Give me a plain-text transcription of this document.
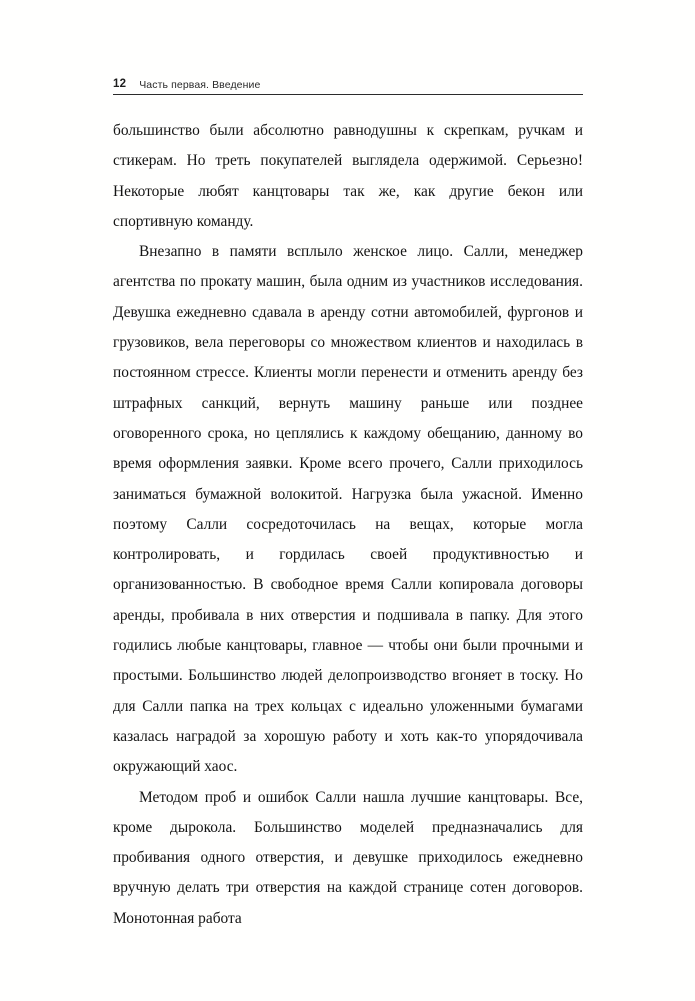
12 Часть первая. Введение

большинство были абсолютно равнодушны к скрепкам, ручкам и стикерам. Но треть покупателей выглядела одержимой. Серьезно! Некоторые любят канцтовары так же, как другие бекон или спортивную команду.

Внезапно в памяти всплыло женское лицо. Салли, менеджер агентства по прокату машин, была одним из участников исследования. Девушка ежедневно сдавала в аренду сотни автомобилей, фургонов и грузовиков, вела переговоры со множеством клиентов и находилась в постоянном стрессе. Клиенты могли перенести и отменить аренду без штрафных санкций, вернуть машину раньше или позднее оговоренного срока, но цеплялись к каждому обещанию, данному во время оформления заявки. Кроме всего прочего, Салли приходилось заниматься бумажной волокитой. Нагрузка была ужасной. Именно поэтому Салли сосредоточилась на вещах, которые могла контролировать, и гордилась своей продуктивностью и организованностью. В свободное время Салли копировала договоры аренды, пробивала в них отверстия и подшивала в папку. Для этого годились любые канцтовары, главное — чтобы они были прочными и простыми. Большинство людей делопроизводство вгоняет в тоску. Но для Салли папка на трех кольцах с идеально уложенными бумагами казалась наградой за хорошую работу и хоть как-то упорядочивала окружающий хаос.

Методом проб и ошибок Салли нашла лучшие канцтовары. Все, кроме дырокола. Большинство моделей предназначались для пробивания одного отверстия, и девушке приходилось ежедневно вручную делать три отверстия на каждой странице сотен договоров. Монотонная работа
